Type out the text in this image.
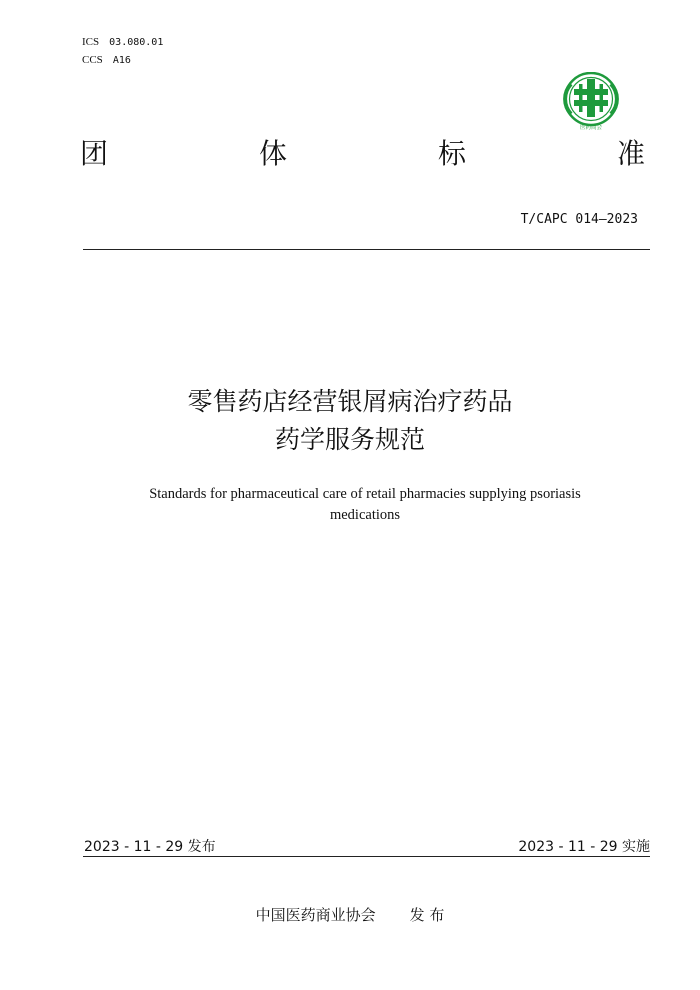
ICS 03.080.01
CCS A16
医药商会
团	体	标	准
T/CAPC 014—2023
零售药店经营银屑病治疗药品
药学服务规范
Standards for pharmaceutical care of retail pharmacies supplying psoriasis
medications
2023 - 11 - 29 发布	2023 - 11 - 29 实施
中国医药商业协会 发 布
